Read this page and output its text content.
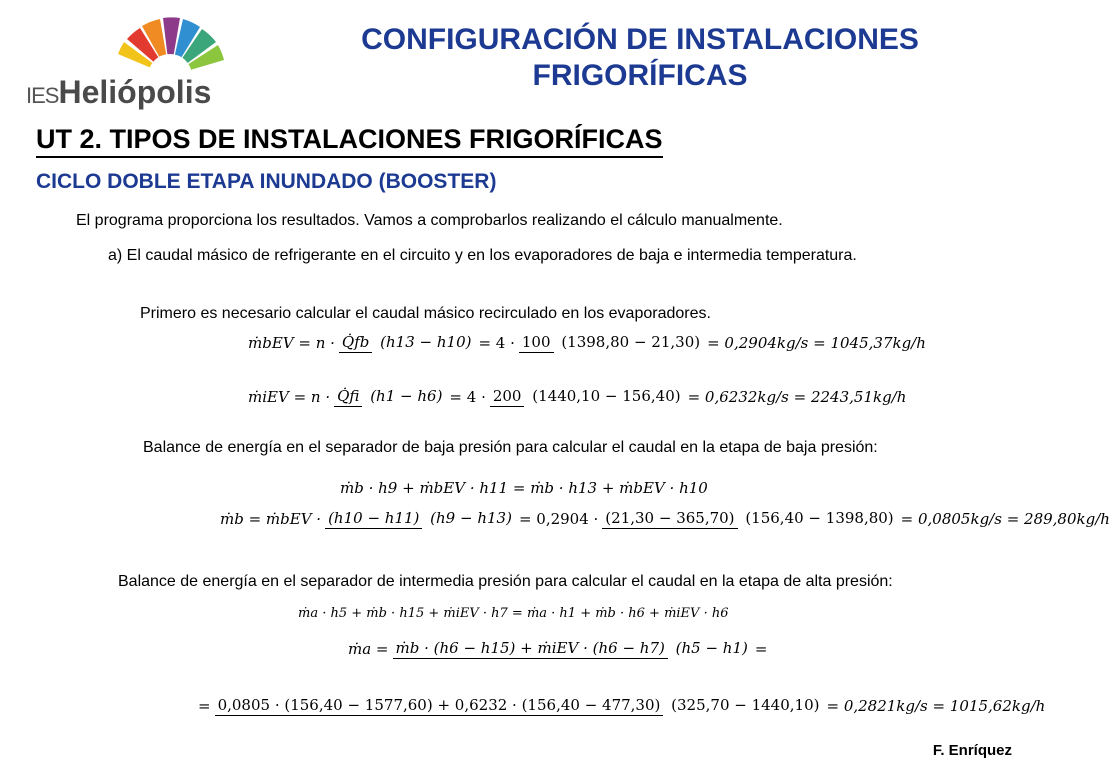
IESHeliópolis
CONFIGURACIÓN DE INSTALACIONES
FRIGORÍFICAS
UT 2. TIPOS DE INSTALACIONES FRIGORÍFICAS
CICLO DOBLE ETAPA INUNDADO (BOOSTER)
El programa proporciona los resultados. Vamos a comprobarlos realizando el cálculo manualmente.
a) El caudal másico de refrigerante en el circuito y en los evaporadores de baja e intermedia temperatura.
Primero es necesario calcular el caudal másico recirculado en los evaporadores.
ṁbEV = n · Q̇fb (h13 − h10) = 4 · 100 (1398,80 − 21,30) = 0,2904kg/s = 1045,37kg/h
ṁiEV = n · Q̇fi (h1 − h6) = 4 · 200 (1440,10 − 156,40) = 0,6232kg/s = 2243,51kg/h
Balance de energía en el separador de baja presión para calcular el caudal en la etapa de baja presión:
ṁb · h9 + ṁbEV · h11 = ṁb · h13 + ṁbEV · h10
ṁb = ṁbEV · (h10 − h11) (h9 − h13) = 0,2904 · (21,30 − 365,70) (156,40 − 1398,80) = 0,0805kg/s = 289,80kg/h
Balance de energía en el separador de intermedia presión para calcular el caudal en la etapa de alta presión:
ṁa · h5 + ṁb · h15 + ṁiEV · h7 = ṁa · h1 + ṁb · h6 + ṁiEV · h6
ṁa = ṁb · (h6 − h15) + ṁiEV · (h6 − h7) (h5 − h1) =
= 0,0805 · (156,40 − 1577,60) + 0,6232 · (156,40 − 477,30) (325,70 − 1440,10) = 0,2821kg/s = 1015,62kg/h
F. Enríquez
